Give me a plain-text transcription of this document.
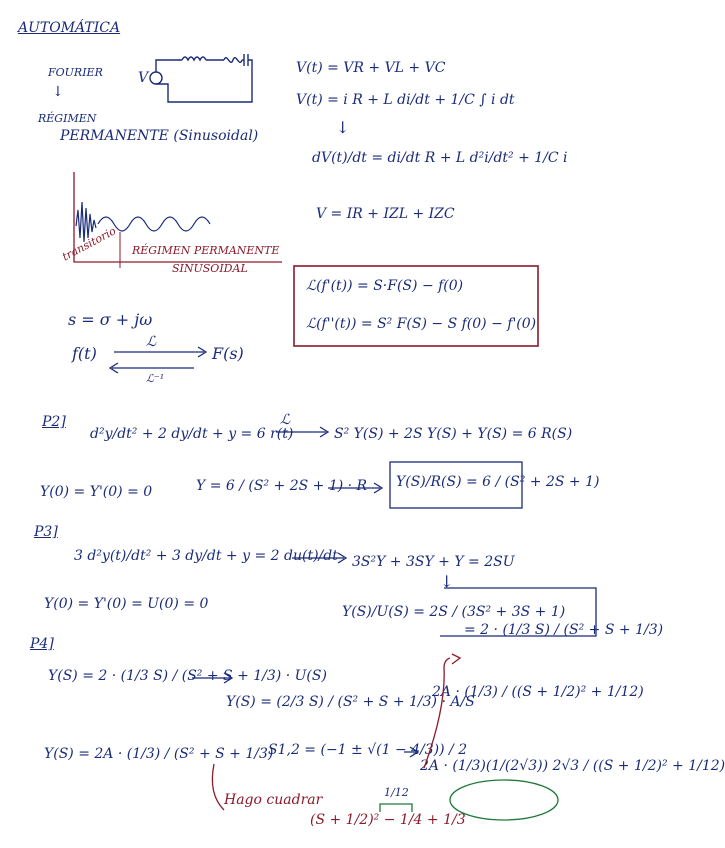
AUTOMÁTICA
FOURIER
↓
RÉGIMEN
PERMANENTE (Sinusoidal)
V
V(t) = VR + VL + VC
V(t) = i R + L di/dt + 1/C ∫ i dt
↓
dV(t)/dt = di/dt R + L d²i/dt² + 1/C i
V = IR + IZL + IZC
transitorio RÉGIMEN PERMANENTE
SINUSOIDAL
s = σ + jω
f(t)
ℒ
F(s)
ℒ⁻¹
ℒ(f'(t)) = S·F(S) − f(0)
ℒ(f''(t)) = S² F(S) − S f(0) − f'(0)
P2]
d²y/dt² + 2 dy/dt + y = 6 r(t)
ℒ
S² Y(S) + 2S Y(S) + Y(S) = 6 R(S)
Y(0) = Y'(0) = 0	Y = 6 / (S² + 2S + 1) · R Y(S)/R(S) = 6 / (S² + 2S + 1)
P3]
3 d²y(t)/dt² + 3 dy/dt + y = 2 du(t)/dt 3S²Y + 3SY + Y = 2SU
↓
Y(0) = Y'(0) = U(0) = 0	Y(S)/U(S) = 2S / (3S² + 3S + 1)
= 2 · (1/3 S) / (S² + S + 1/3)
P4]
Y(S) = 2 · (1/3 S) / (S² + S + 1/3) · U(S)
Y(S) = (2/3 S) / (S² + S + 1/3) · A/S
Y(S) = 2A · (1/3) / (S² + S + 1/3)
S1,2 = (−1 ± √(1 − 4/3)) / 2
Hago cuadrar
(S + 1/2)² − 1/4 + 1/3
1/12
2A · (1/3) / ((S + 1/2)² + 1/12)
2A · (1/3)(1/(2√3)) 2√3 / ((S + 1/2)² + 1/12)
